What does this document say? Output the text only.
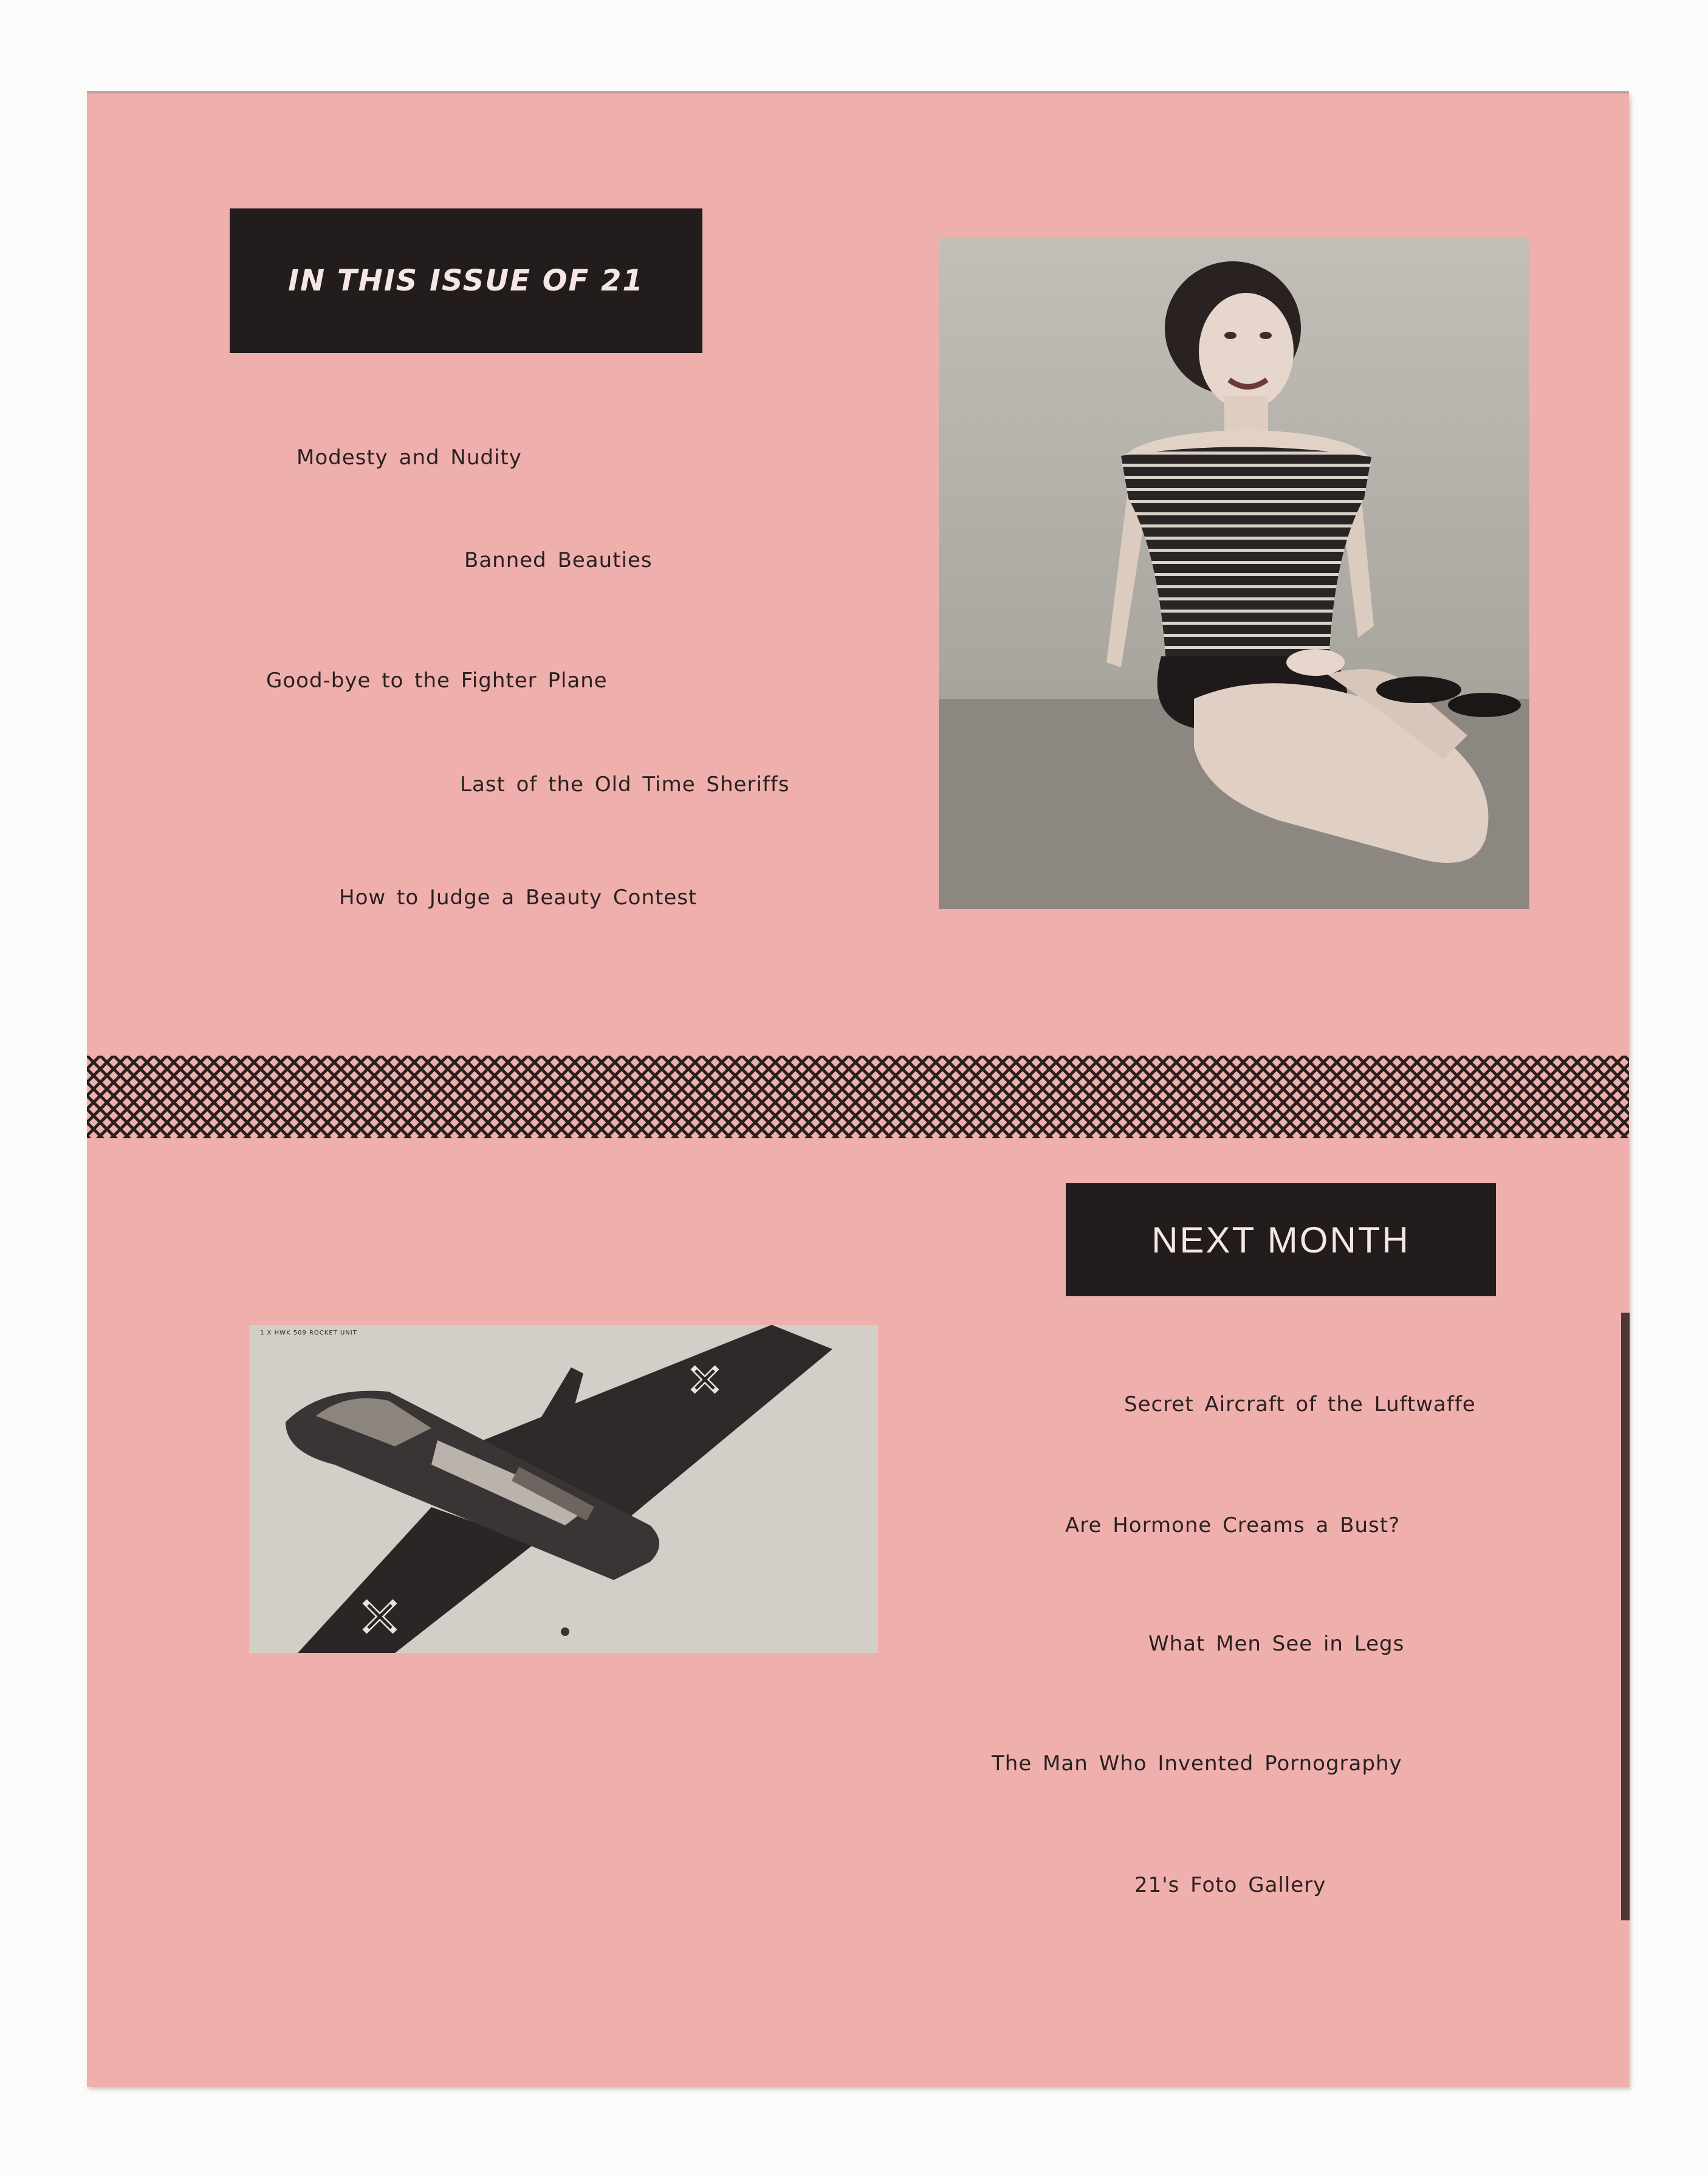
IN THIS ISSUE OF 21
Modesty and Nudity
Banned Beauties
Good-bye to the Fighter Plane
Last of the Old Time Sheriffs
How to Judge a Beauty Contest
NEXT MONTH
Secret Aircraft of the Luftwaffe
Are Hormone Creams a Bust?
What Men See in Legs
The Man Who Invented Pornography
21's Foto Gallery
1 X HWK 509 ROCKET UNIT
